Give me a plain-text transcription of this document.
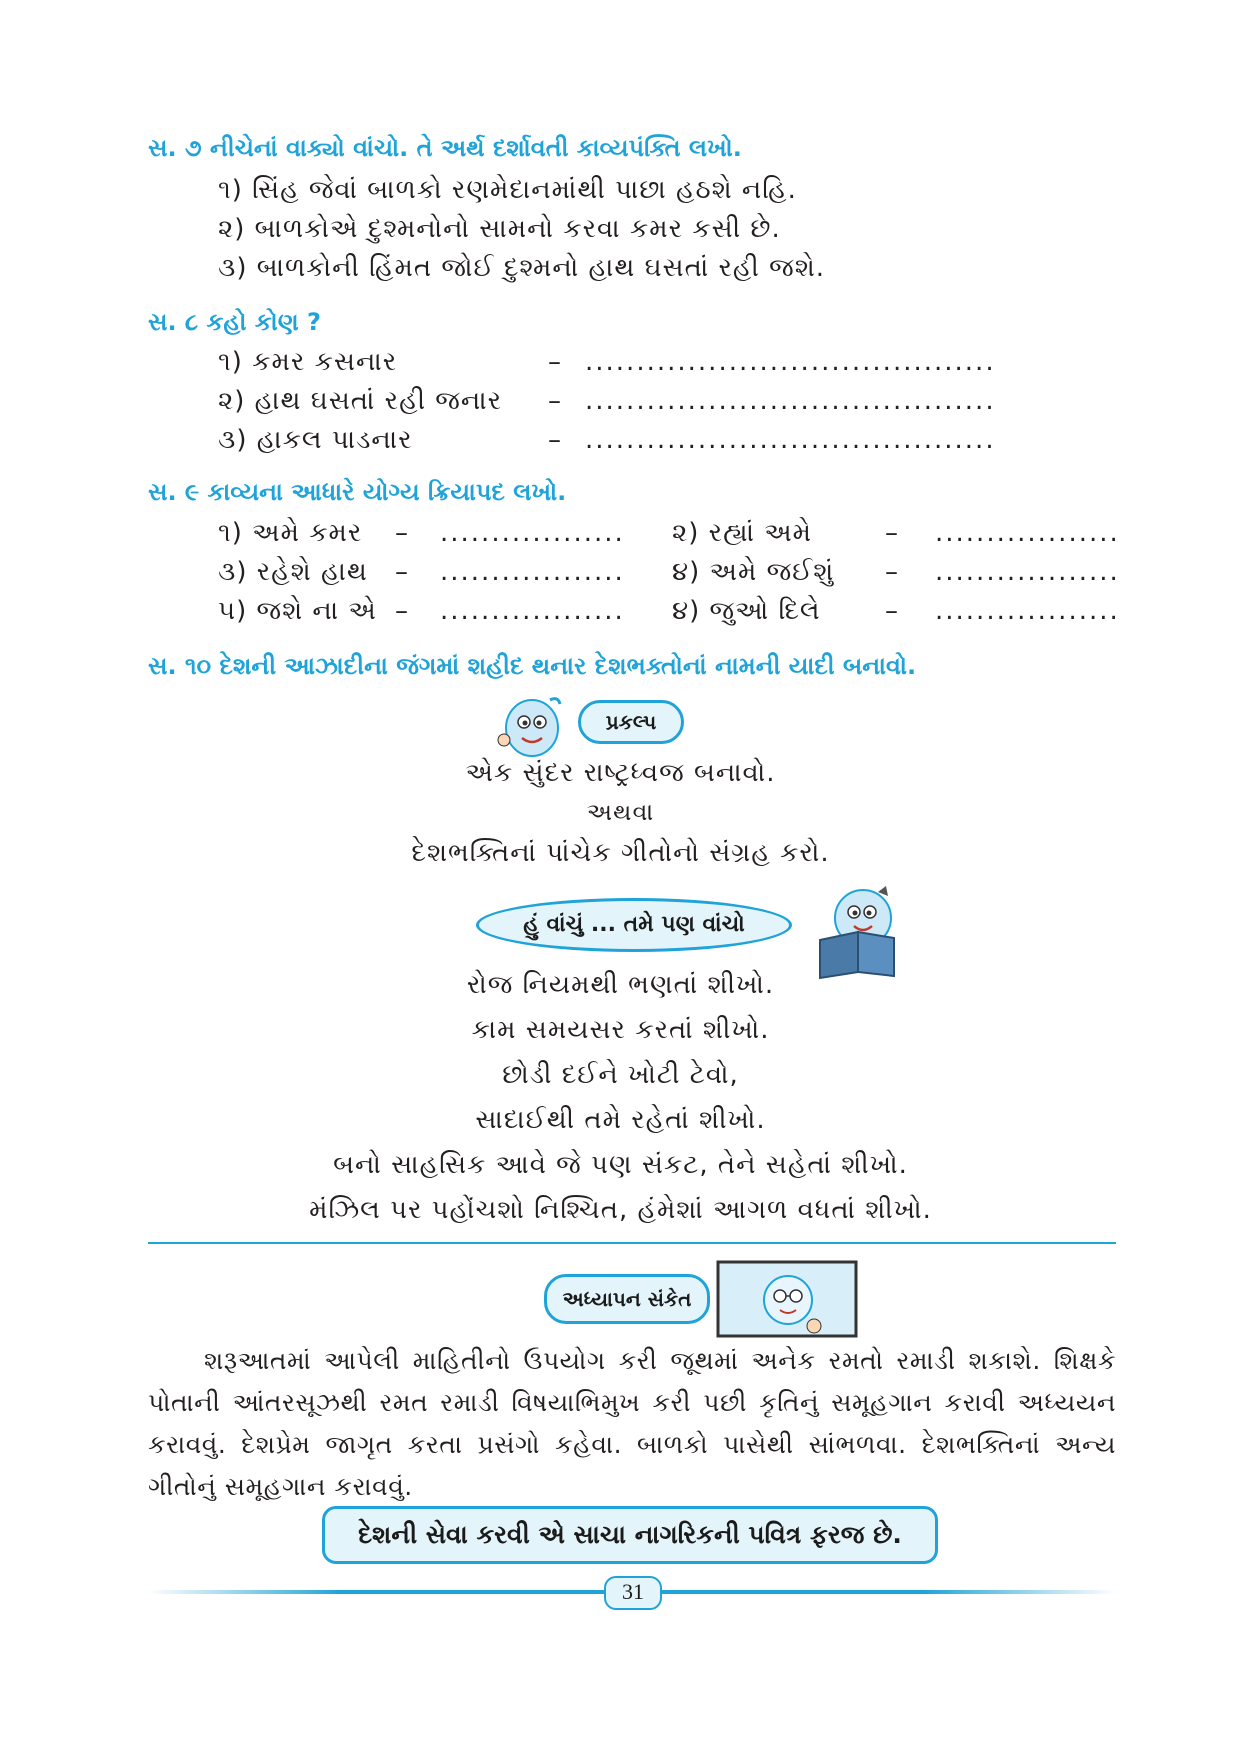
સ. ૭ નીચેનાં વાક્યો વાંચો. તે અર્થ દર્શાવતી કાવ્યપંક્તિ લખો.
૧) સિંહ જેવાં બાળકો રણમેદાનમાંથી પાછા હઠશે નહિ.
૨) બાળકોએ દુશ્મનોનો સામનો કરવા કમર કસી છે.
૩) બાળકોની હિંમત જોઈ દુશ્મનો હાથ ઘસતાં રહી જશે.
સ. ૮ કહો કોણ ?
૧) કમર કસનાર	– ........................................
૨) હાથ ઘસતાં રહી જનાર – ........................................
૩) હાકલ પાડનાર	– ........................................
સ. ૯ કાવ્યના આધારે યોગ્ય ક્રિયાપદ લખો.
૧) અમે કમર – .................. ૨) રહ્યાં અમે	– ..................
૩) રહેશે હાથ – .................. ૪) અમે જઈશું – ..................
૫) જશે ના એ – .................. ૪) જુઓ દિલે – ..................
સ. ૧૦ દેશની આઝાદીના જંગમાં શહીદ થનાર દેશભક્તોનાં નામની યાદી બનાવો.
પ્રકલ્પ
એક સુંદર રાષ્ટ્રધ્વજ બનાવો.
અથવા
દેશભક્તિનાં પાંચેક ગીતોનો સંગ્રહ કરો.
હું વાંચું ... તમે પણ વાંચો
રોજ નિયમથી ભણતાં શીખો.
કામ સમયસર કરતાં શીખો.
છોડી દઈને ખોટી ટેવો,
સાદાઈથી તમે રહેતાં શીખો.
બનો સાહસિક આવે જે પણ સંકટ, તેને સહેતાં શીખો.
મંઝિલ પર પહોંચશો નિશ્ચિત, હંમેશાં આગળ વધતાં શીખો.
અધ્યાપન સંકેત
શરૂઆતમાં આપેલી માહિતીનો ઉપયોગ કરી જૂથમાં અનેક રમતો રમાડી શકાશે. શિક્ષકે પોતાની આંતરસૂઝથી રમત રમાડી વિષયાભિમુખ કરી પછી કૃતિનું સમૂહગાન કરાવી અધ્યયન કરાવવું. દેશપ્રેમ જાગૃત કરતા પ્રસંગો કહેવા. બાળકો પાસેથી સાંભળવા. દેશભક્તિનાં અન્ય ગીતોનું સમૂહગાન કરાવવું.
દેશની સેવા કરવી એ સાચા નાગરિકની પવિત્ર ફરજ છે.
31
